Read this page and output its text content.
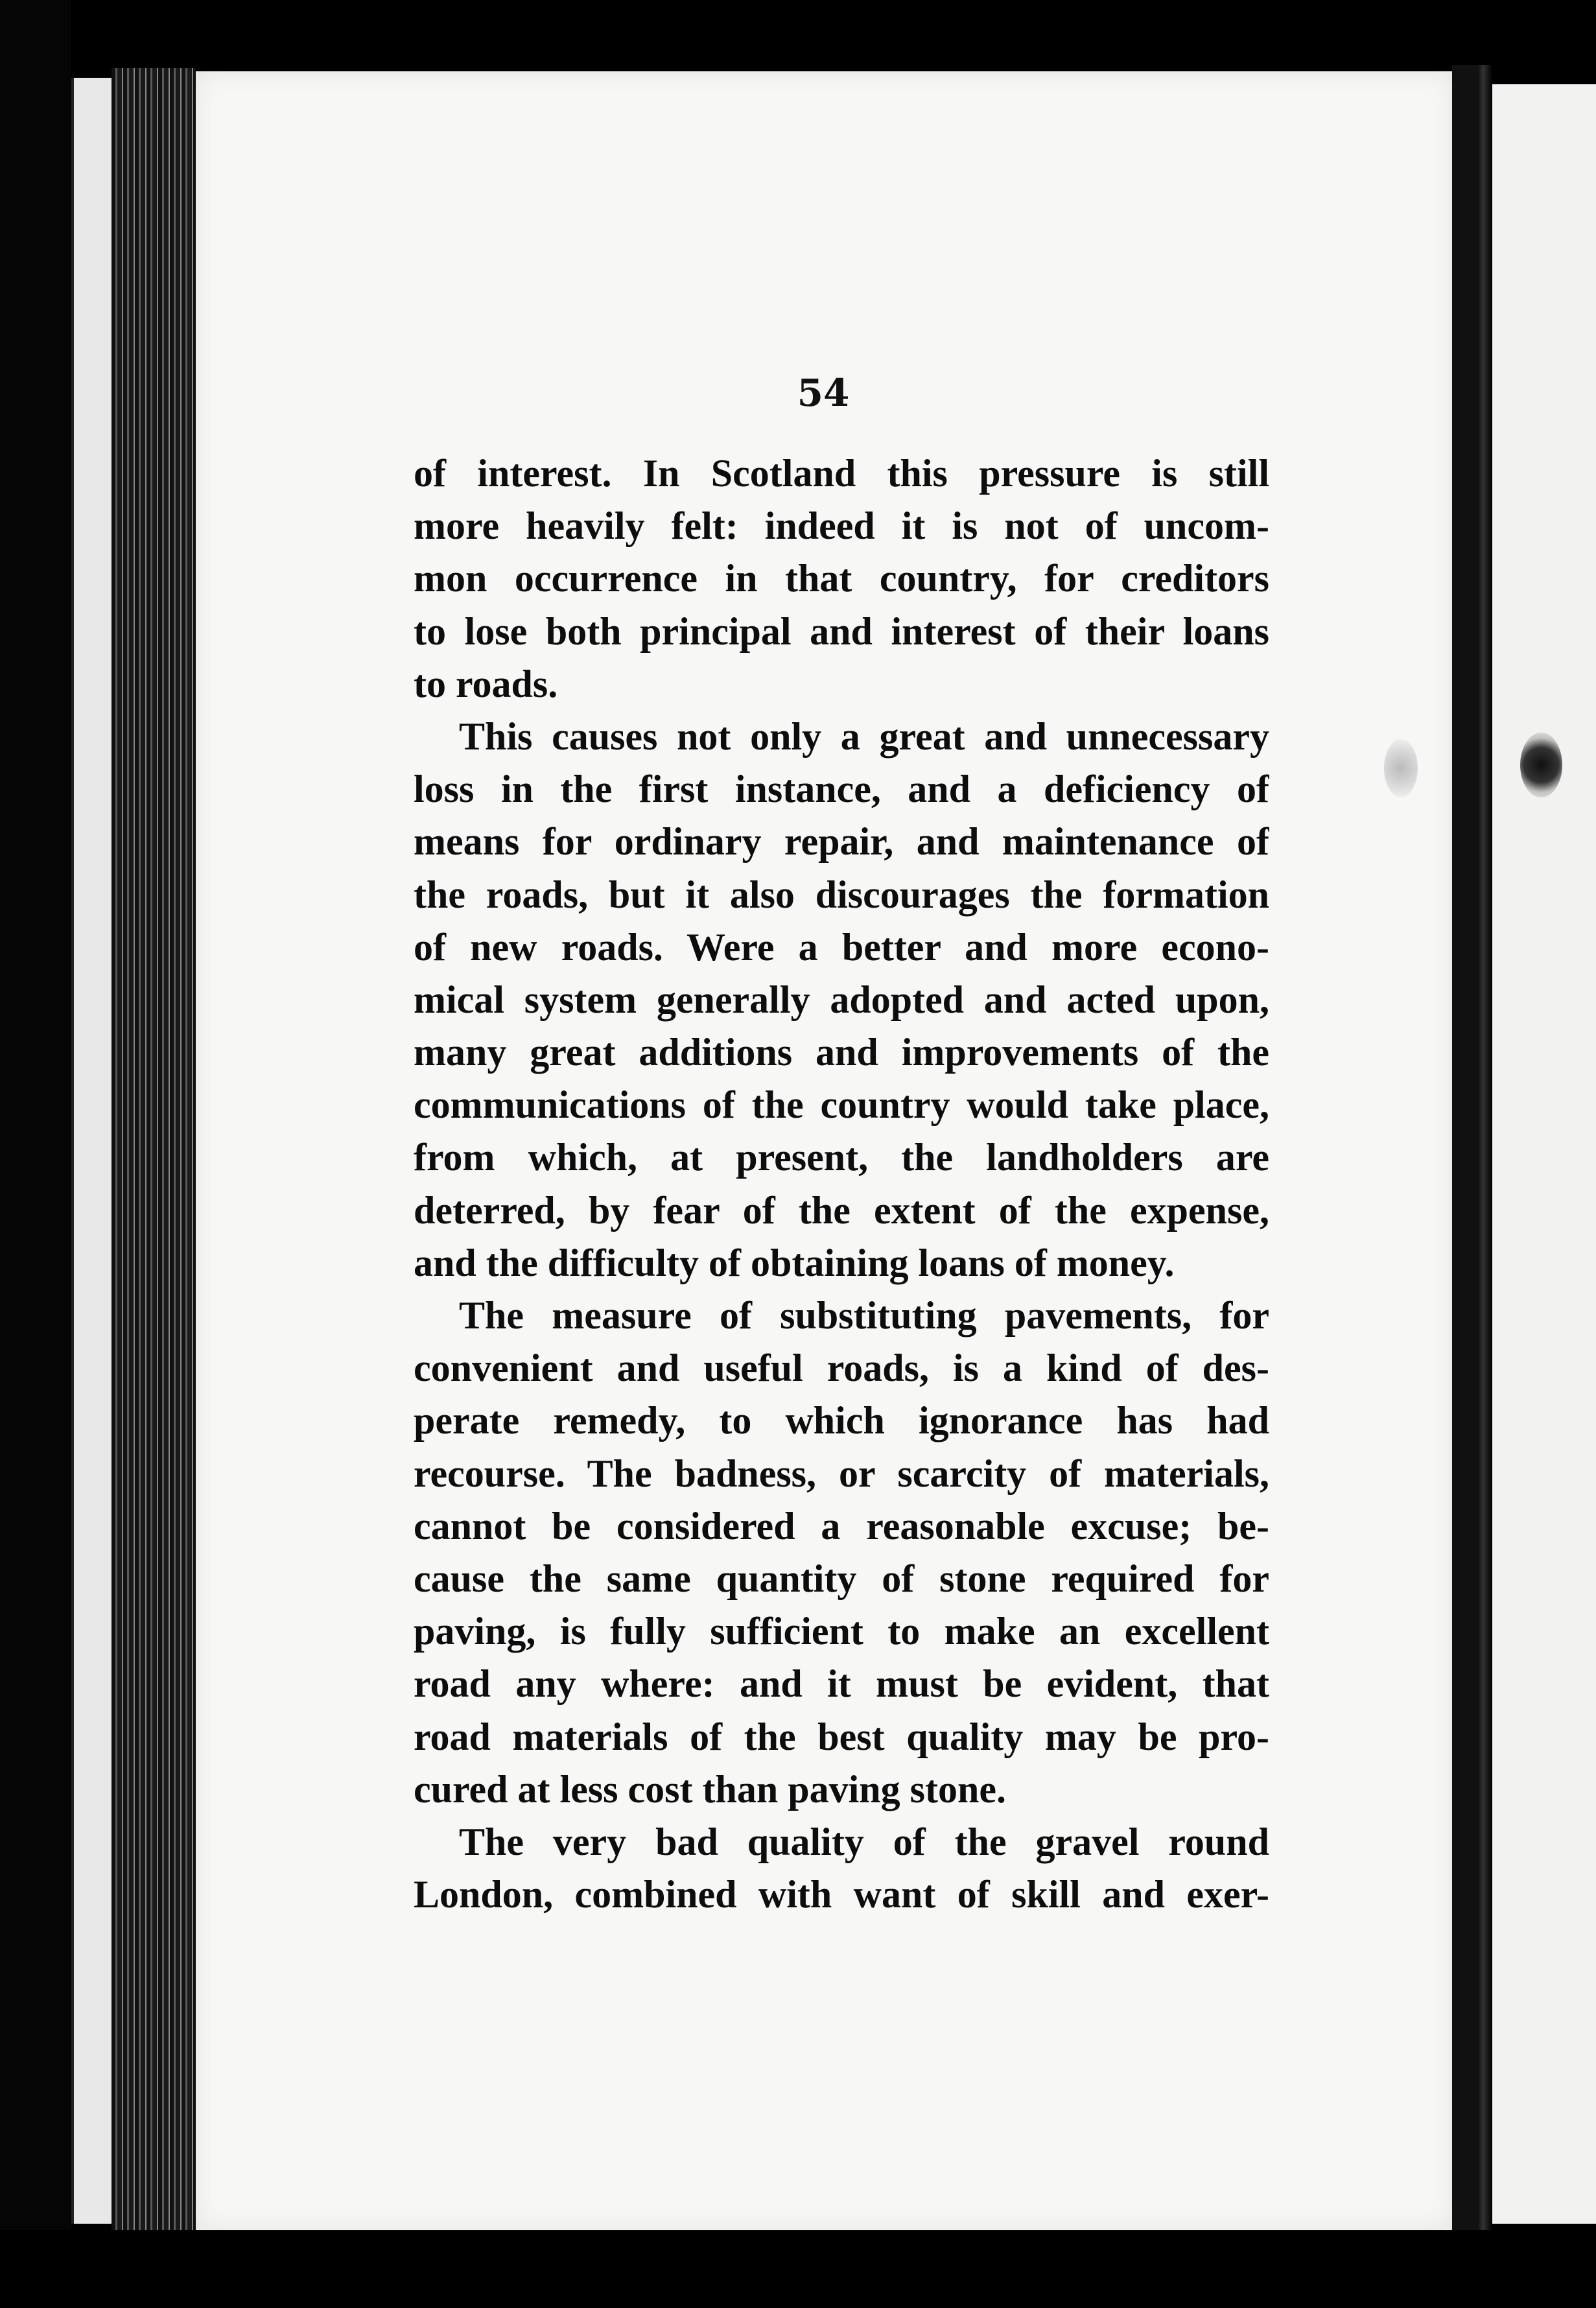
54
of interest. In Scotland this pressure is still
more heavily felt: indeed it is not of uncom-
mon occurrence in that country, for creditors
to lose both principal and interest of their loans
to roads.
This causes not only a great and unnecessary
loss in the first instance, and a deficiency of
means for ordinary repair, and maintenance of
the roads, but it also discourages the formation
of new roads. Were a better and more econo-
mical system generally adopted and acted upon,
many great additions and improvements of the
communications of the country would take place,
from which, at present, the landholders are
deterred, by fear of the extent of the expense,
and the difficulty of obtaining loans of money.
The measure of substituting pavements, for
convenient and useful roads, is a kind of des-
perate remedy, to which ignorance has had
recourse. The badness, or scarcity of materials,
cannot be considered a reasonable excuse; be-
cause the same quantity of stone required for
paving, is fully sufficient to make an excellent
road any where: and it must be evident, that
road materials of the best quality may be pro-
cured at less cost than paving stone.
The very bad quality of the gravel round
London, combined with want of skill and exer-
